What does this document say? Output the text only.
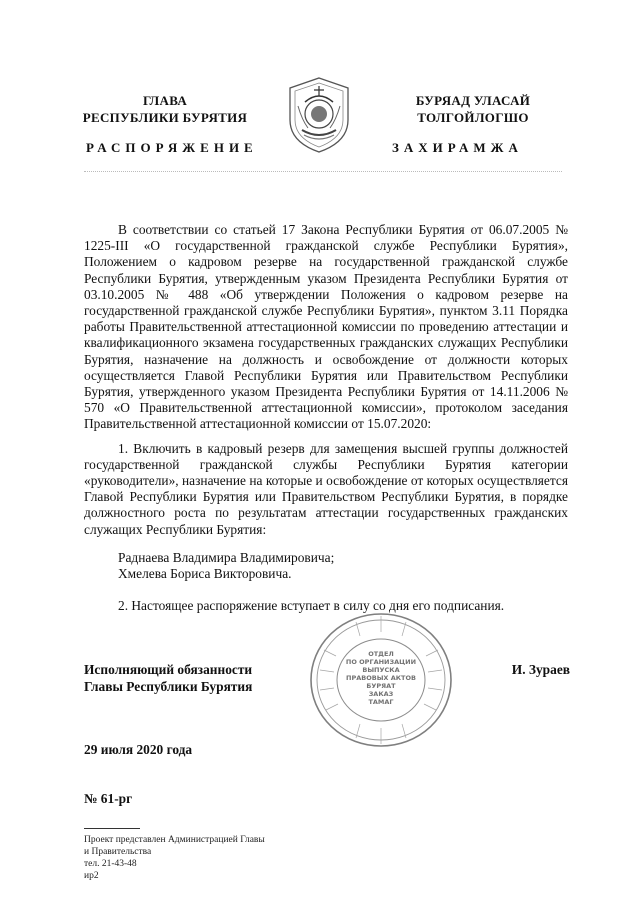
ГЛАВА
РЕСПУБЛИКИ БУРЯТИЯ
БУРЯАД УЛАСАЙ
ТОЛГОЙЛОГШО
РАСПОРЯЖЕНИЕ	ЗАХИРАМЖА

В соответствии со статьей 17 Закона Республики Бурятия от 06.07.2005 № 1225-III «О государственной гражданской службе Республики Бурятия», Положением о кадровом резерве на государственной гражданской службе Республики Бурятия, утвержденным указом Президента Республики Бурятия от 03.10.2005 № 488 «Об утверждении Положения о кадровом резерве на государственной гражданской службе Республики Бурятия», пунктом 3.11 Порядка работы Правительственной аттестационной комиссии по проведению аттестации и квалификационного экзамена государственных гражданских служащих Республики Бурятия, назначение на должность и освобождение от должности которых осуществляется Главой Республики Бурятия или Правительством Республики Бурятия, утвержденного указом Президента Республики Бурятия от 14.11.2006 № 570 «О Правительственной аттестационной комиссии», протоколом заседания Правительственной аттестационной комиссии от 15.07.2020:

1. Включить в кадровый резерв для замещения высшей группы должностей государственной гражданской службы Республики Бурятия категории «руководители», назначение на которые и освобождение от которых осуществляется Главой Республики Бурятия или Правительством Республики Бурятия, в порядке должностного роста по результатам аттестации государственных гражданских служащих Республики Бурятия:

Раднаева Владимира Владимировича;
Хмелева Бориса Викторовича.
2. Настоящее распоряжение вступает в силу со дня его подписания.
Исполняющий обязанности
Главы Республики Бурятия
ОТДЕЛ
ПО ОРГАНИЗАЦИИ
ВЫПУСКА
ПРАВОВЫХ АКТОВ
БУРЯАТ
ЗАКАЗ
ТАМАГ
И. Зураев
29 июля 2020 года
№ 61-рг
Проект представлен Администрацией Главы
и Правительства
тел. 21-43-48
ир2
